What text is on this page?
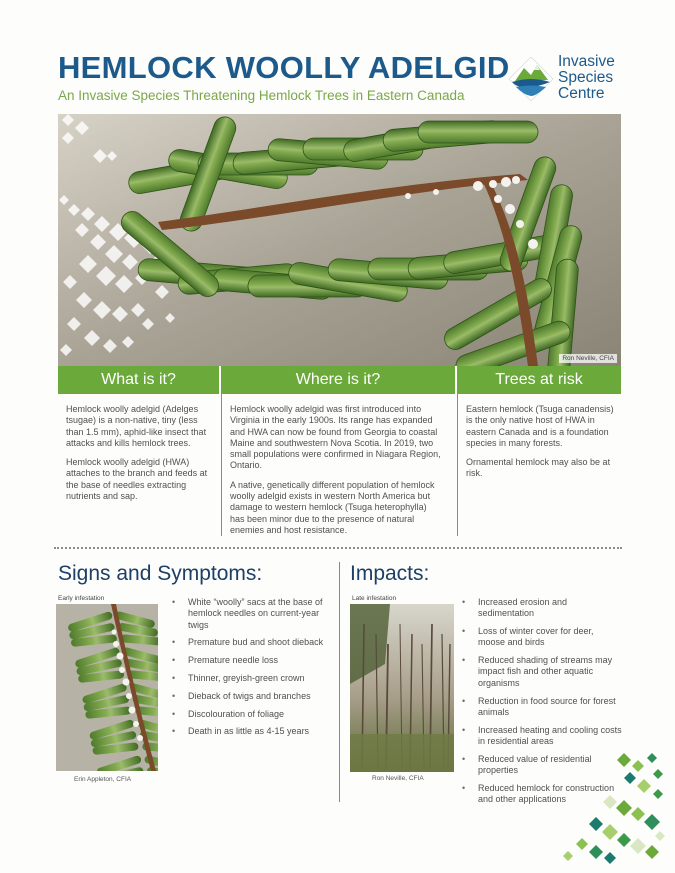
HEMLOCK WOOLLY ADELGID
An Invasive Species Threatening Hemlock Trees in Eastern Canada
Invasive
Species
Centre
Ron Neville, CFIA
What is it?	Where is it?	Trees at risk

Hemlock woolly adelgid (Adelges tsugae) is a non-native, tiny (less than 1.5 mm), aphid-like insect that attacks and kills hemlock trees.

Hemlock woolly adelgid (HWA) attaches to the branch and feeds at the base of needles extracting nutrients and sap.

Hemlock woolly adelgid was first introduced into Virginia in the early 1900s. Its range has expanded and HWA can now be found from Georgia to coastal Maine and southwestern Nova Scotia. In 2019, two small populations were confirmed in Niagara Region, Ontario.

A native, genetically different population of hemlock woolly adelgid exists in western North America but damage to western hemlock (Tsuga heterophylla) has been minor due to the presence of natural enemies and host resistance.

Eastern hemlock (Tsuga canadensis) is the only native host of HWA in eastern Canada and is a foundation species in many forests.

Ornamental hemlock may also be at risk.

Signs and Symptoms:
Early infestation
Erin Appleton, CFIA
• White “woolly” sacs at the base of hemlock needles on current-year twigs
• Premature bud and shoot dieback
• Premature needle loss
• Thinner, greyish-green crown
• Dieback of twigs and branches
• Discolouration of foliage
• Death in as little as 4-15 years
Impacts:
Late infestation
Ron Neville, CFIA
• Increased erosion and sedimentation
• Loss of winter cover for deer, moose and birds
• Reduced shading of streams may impact fish and other aquatic organisms
• Reduction in food source for forest animals
• Increased heating and cooling costs in residential areas
• Reduced value of residential properties
• Reduced hemlock for construction and other applications
